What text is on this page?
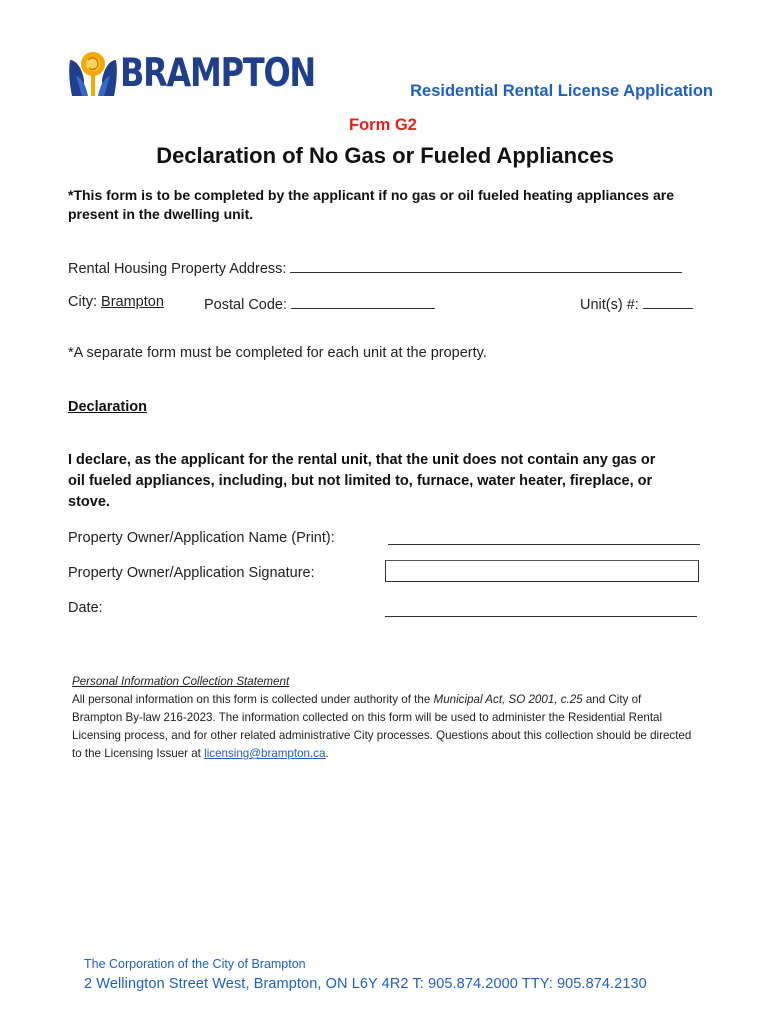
BRAMPTON	Residential Rental License Application
Form G2
Declaration of No Gas or Fueled Appliances
*This form is to be completed by the applicant if no gas or oil fueled heating appliances are present in the dwelling unit.
Rental Housing Property Address:
City: Brampton	Postal Code:	Unit(s) #:
*A separate form must be completed for each unit at the property.
Declaration
I declare, as the applicant for the rental unit, that the unit does not contain any gas or oil fueled appliances, including, but not limited to, furnace, water heater, fireplace, or stove.
Property Owner/Application Name (Print):
Property Owner/Application Signature:
Date:
Personal Information Collection Statement
All personal information on this form is collected under authority of the Municipal Act, SO 2001, c.25 and City of Brampton By-law 216-2023. The information collected on this form will be used to administer the Residential Rental Licensing process, and for other related administrative City processes. Questions about this collection should be directed to the Licensing Issuer at licensing@brampton.ca.
The Corporation of the City of Brampton
2 Wellington Street West, Brampton, ON L6Y 4R2 T: 905.874.2000 TTY: 905.874.2130
